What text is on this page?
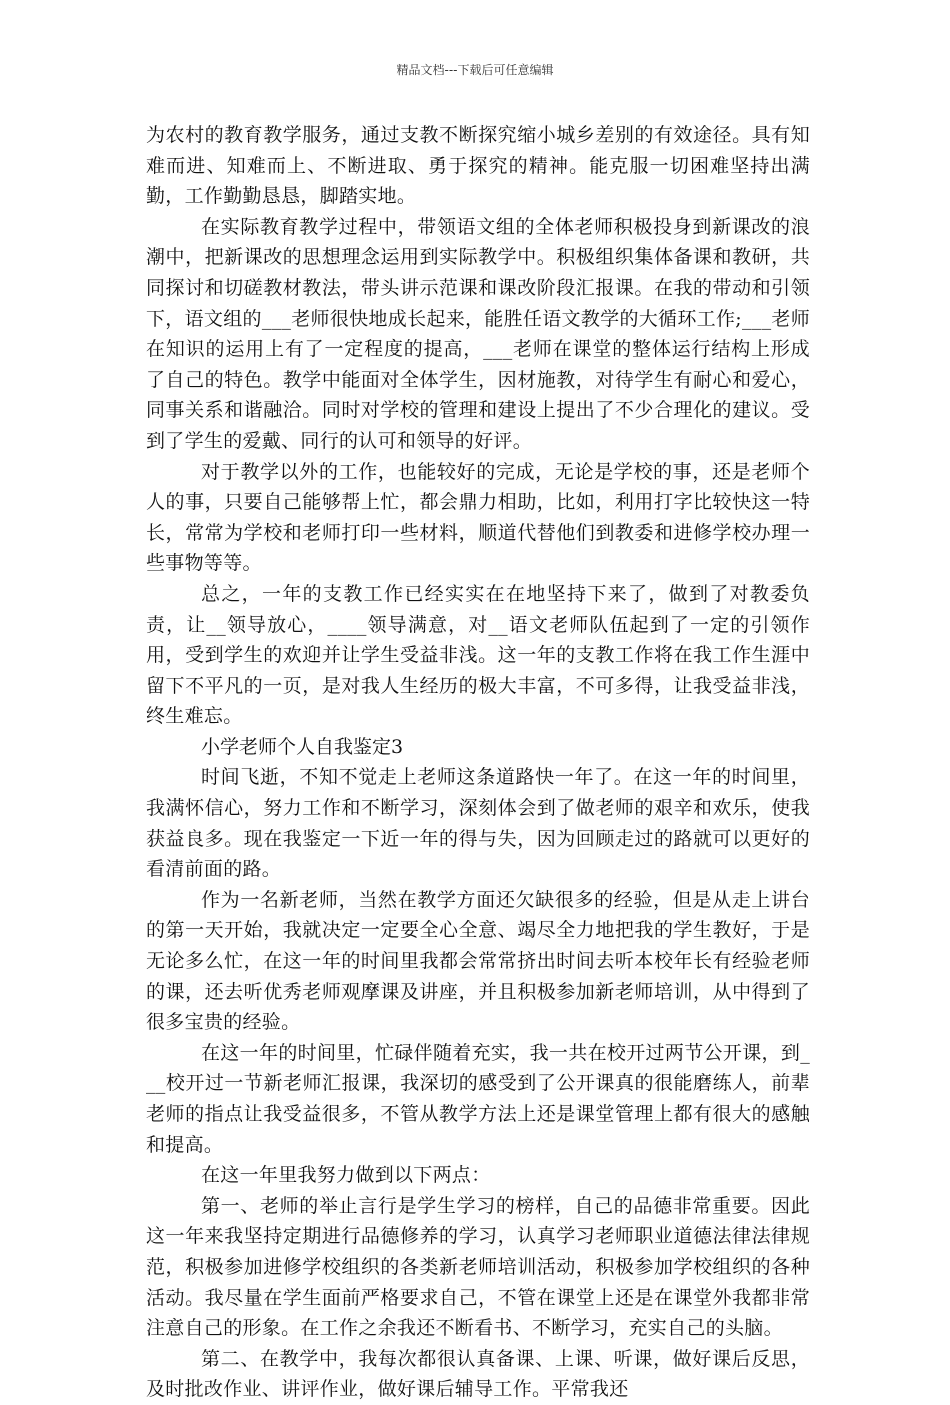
精品文档---下载后可任意编辑

为农村的教育教学服务，通过支教不断探究缩小城乡差别的有效途径。具有知难而进、知难而上、不断进取、勇于探究的精神。能克服一切困难坚持出满勤，工作勤勤恳恳，脚踏实地。

在实际教育教学过程中，带领语文组的全体老师积极投身到新课改的浪潮中，把新课改的思想理念运用到实际教学中。积极组织集体备课和教研，共同探讨和切磋教材教法，带头讲示范课和课改阶段汇报课。在我的带动和引领下，语文组的___老师很快地成长起来，能胜任语文教学的大循环工作;___老师在知识的运用上有了一定程度的提高，___老师在课堂的整体运行结构上形成了自己的特色。教学中能面对全体学生，因材施教，对待学生有耐心和爱心，同事关系和谐融洽。同时对学校的管理和建设上提出了不少合理化的建议。受到了学生的爱戴、同行的认可和领导的好评。

对于教学以外的工作，也能较好的完成，无论是学校的事，还是老师个人的事，只要自己能够帮上忙，都会鼎力相助，比如，利用打字比较快这一特长，常常为学校和老师打印一些材料，顺道代替他们到教委和进修学校办理一些事物等等。

总之，一年的支教工作已经实实在在地坚持下来了，做到了对教委负责，让__领导放心，____领导满意，对__语文老师队伍起到了一定的引领作用，受到学生的欢迎并让学生受益非浅。这一年的支教工作将在我工作生涯中留下不平凡的一页，是对我人生经历的极大丰富，不可多得，让我受益非浅，终生难忘。

小学老师个人自我鉴定3

时间飞逝，不知不觉走上老师这条道路快一年了。在这一年的时间里，我满怀信心，努力工作和不断学习，深刻体会到了做老师的艰辛和欢乐，使我获益良多。现在我鉴定一下近一年的得与失，因为回顾走过的路就可以更好的看清前面的路。

作为一名新老师，当然在教学方面还欠缺很多的经验，但是从走上讲台的第一天开始，我就决定一定要全心全意、竭尽全力地把我的学生教好，于是无论多么忙，在这一年的时间里我都会常常挤出时间去听本校年长有经验老师的课，还去听优秀老师观摩课及讲座，并且积极参加新老师培训，从中得到了很多宝贵的经验。

在这一年的时间里，忙碌伴随着充实，我一共在校开过两节公开课，到___校开过一节新老师汇报课，我深切的感受到了公开课真的很能磨练人，前辈老师的指点让我受益很多，不管从教学方法上还是课堂管理上都有很大的感触和提高。

在这一年里我努力做到以下两点：

第一、老师的举止言行是学生学习的榜样，自己的品德非常重要。因此这一年来我坚持定期进行品德修养的学习，认真学习老师职业道德法律法律规范，积极参加进修学校组织的各类新老师培训活动，积极参加学校组织的各种活动。我尽量在学生面前严格要求自己，不管在课堂上还是在课堂外我都非常注意自己的形象。在工作之余我还不断看书、不断学习，充实自己的头脑。

第二、在教学中，我每次都很认真备课、上课、听课，做好课后反思，及时批改作业、讲评作业，做好课后辅导工作。平常我还
